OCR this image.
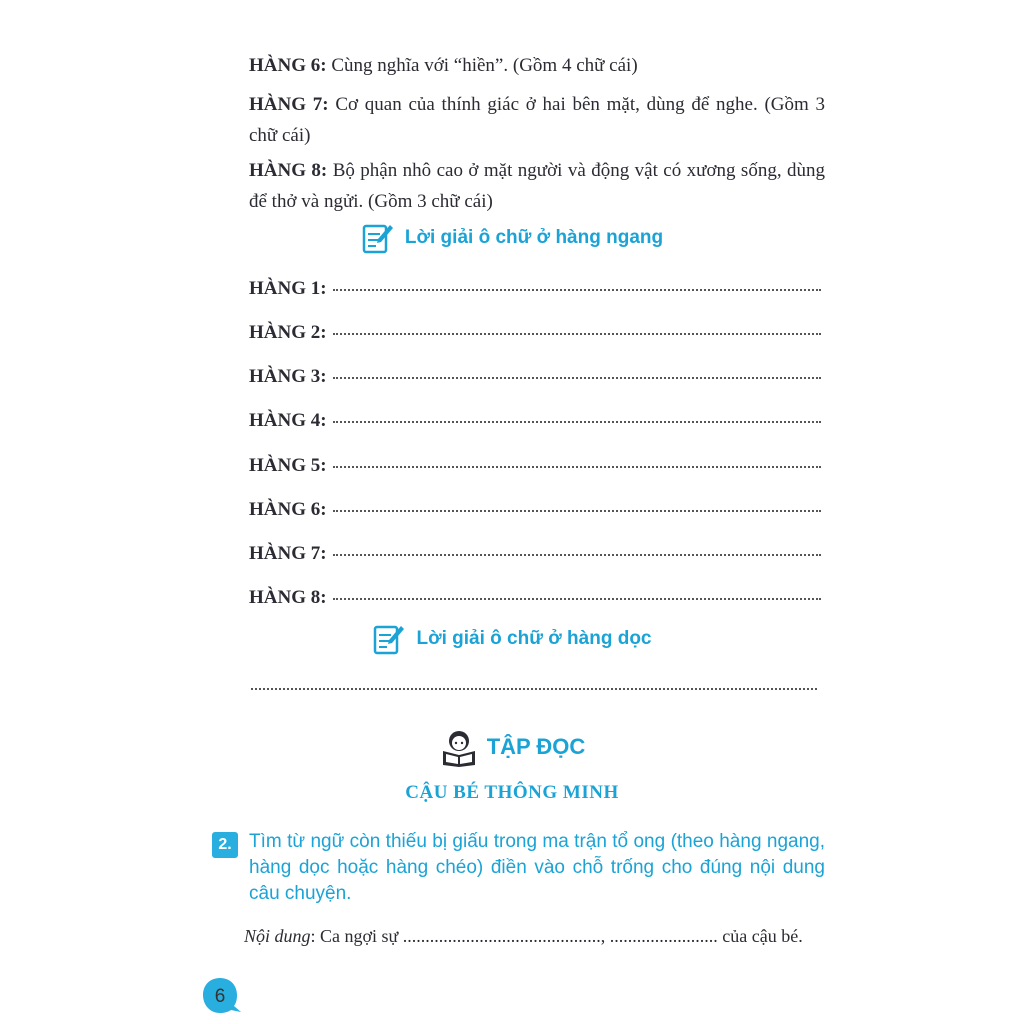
HÀNG 6: Cùng nghĩa với “hiền”. (Gồm 4 chữ cái)

HÀNG 7: Cơ quan của thính giác ở hai bên mặt, dùng để nghe. (Gồm 3 chữ cái)

HÀNG 8: Bộ phận nhô cao ở mặt người và động vật có xương sống, dùng để thở và ngửi. (Gồm 3 chữ cái)

Lời giải ô chữ ở hàng ngang
HÀNG 1:
HÀNG 2:
HÀNG 3:
HÀNG 4:
HÀNG 5:
HÀNG 6:
HÀNG 7:
HÀNG 8:
Lời giải ô chữ ở hàng dọc
TẬP ĐỌC
CẬU BÉ THÔNG MINH
2. Tìm từ ngữ còn thiếu bị giấu trong ma trận tổ ong (theo hàng ngang, hàng dọc hoặc hàng chéo) điền vào chỗ trống cho đúng nội dung câu chuyện.
Nội dung: Ca ngợi sự ............................................, ........................ của cậu bé.
6
